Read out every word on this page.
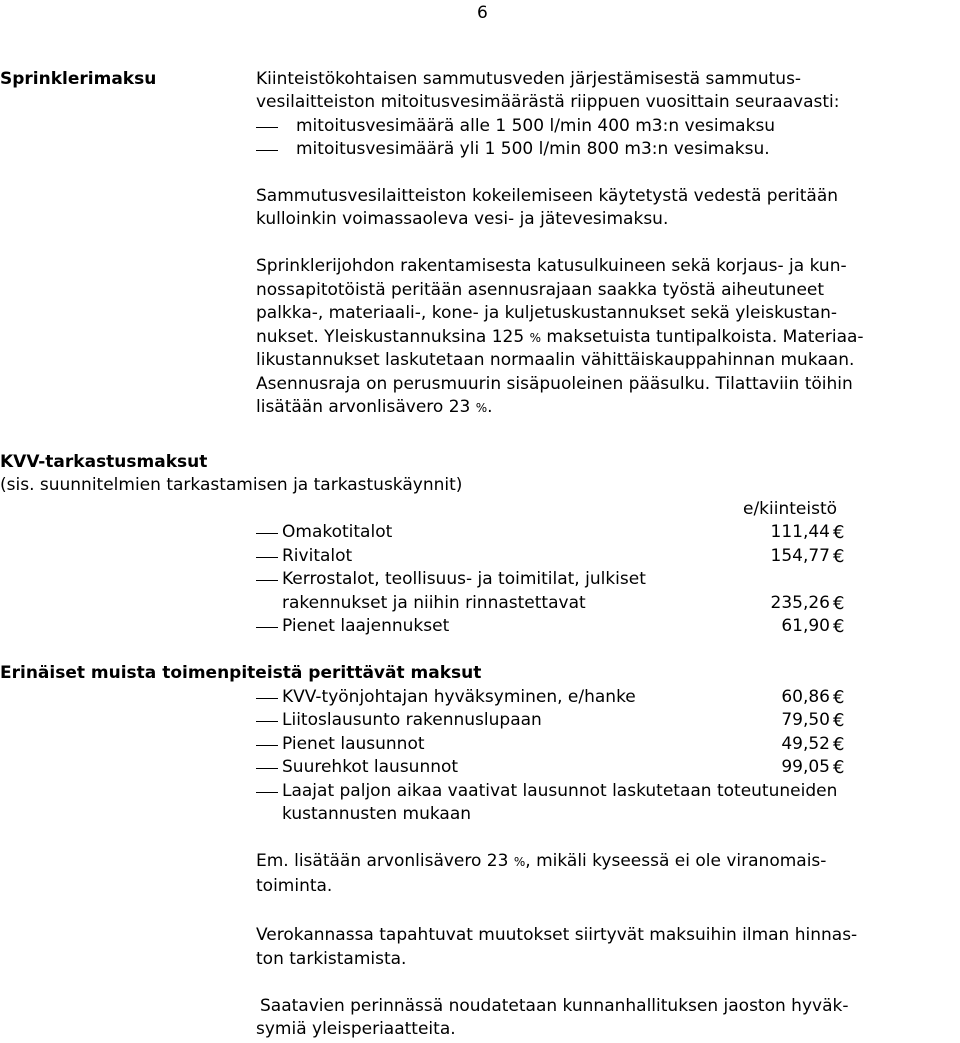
6
Sprinklerimaksu	Kiinteistökohtaisen sammutusveden järjestämisestä sammutus-
vesilaitteiston mitoitusvesimäärästä riippuen vuosittain seuraavasti:
mitoitusvesimäärä alle 1 500 l/min 400 m3:n vesimaksu
mitoitusvesimäärä yli 1 500 l/min 800 m3:n vesimaksu.
Sammutusvesilaitteiston kokeilemiseen käytetystä vedestä peritään
kulloinkin voimassaoleva vesi- ja jätevesimaksu.
Sprinklerijohdon rakentamisesta katusulkuineen sekä korjaus- ja kun-
nossapitotöistä peritään asennusrajaan saakka työstä aiheutuneet
palkka-, materiaali-, kone- ja kuljetuskustannukset sekä yleiskustan-
nukset. Yleiskustannuksina 125 % maksetuista tuntipalkoista. Materiaa-
likustannukset laskutetaan normaalin vähittäiskauppahinnan mukaan.
Asennusraja on perusmuurin sisäpuoleinen pääsulku. Tilattaviin töihin
lisätään arvonlisävero 23 %.
KVV-tarkastusmaksut
(sis. suunnitelmien tarkastamisen ja tarkastuskäynnit)
e/kiinteistö
Omakotitalot	111,44 €
Rivitalot	154,77 €
Kerrostalot, teollisuus- ja toimitilat, julkiset
rakennukset ja niihin rinnastettavat	235,26 €
Pienet laajennukset	61,90 €
Erinäiset muista toimenpiteistä perittävät maksut
KVV-työnjohtajan hyväksyminen, e/hanke	60,86 €
Liitoslausunto rakennuslupaan	79,50 €
Pienet lausunnot	49,52 €
Suurehkot lausunnot	99,05 €
Laajat paljon aikaa vaativat lausunnot laskutetaan toteutuneiden
kustannusten mukaan
Em. lisätään arvonlisävero 23 %, mikäli kyseessä ei ole viranomais-
toiminta.
Verokannassa tapahtuvat muutokset siirtyvät maksuihin ilman hinnas-
ton tarkistamista.
Saatavien perinnässä noudatetaan kunnanhallituksen jaoston hyväk-
symiä yleisperiaatteita.
